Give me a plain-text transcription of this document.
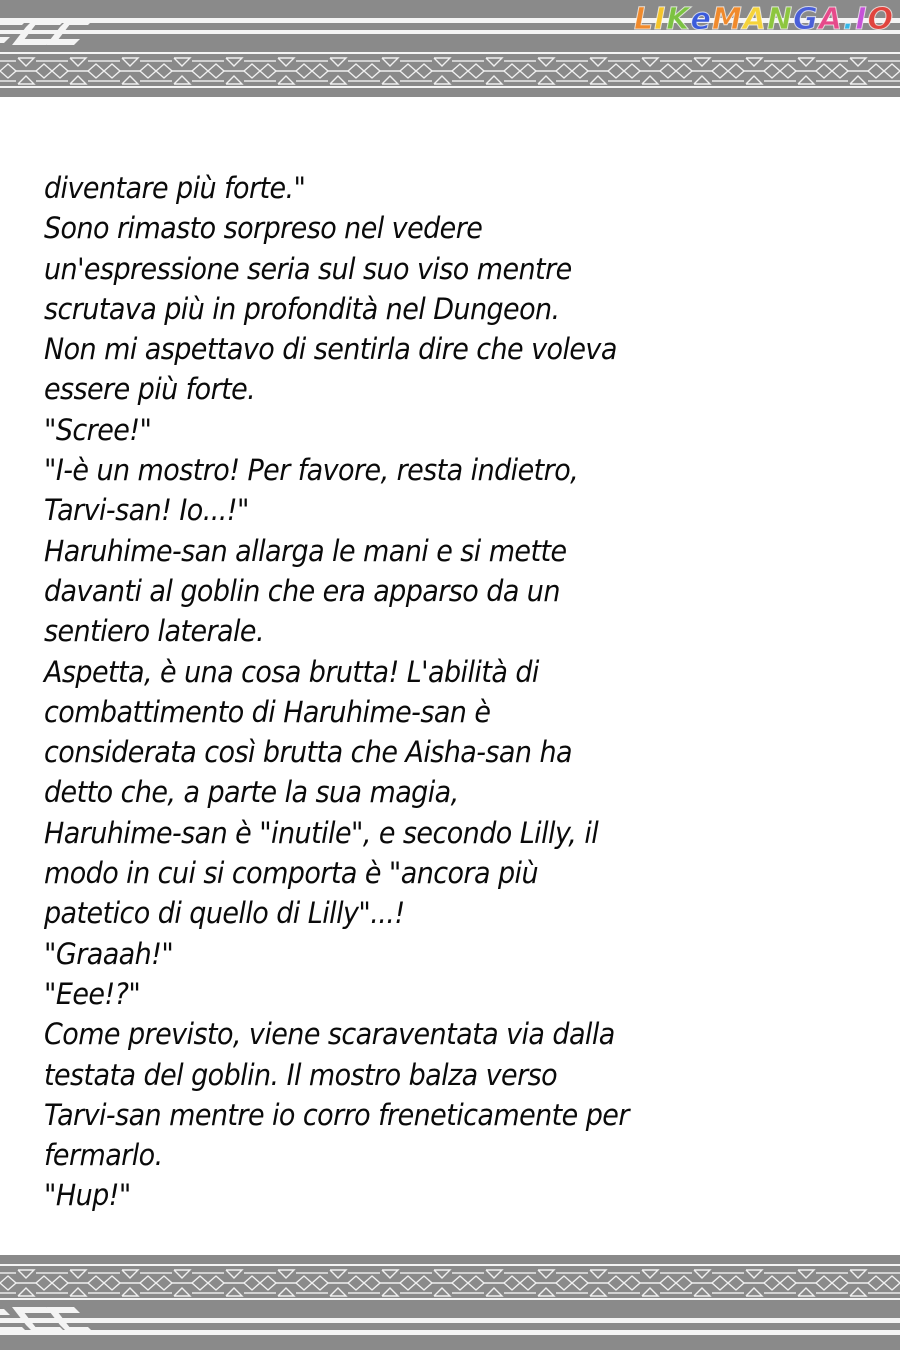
LIKeMANGA.IO
diventare più forte."
Sono rimasto sorpreso nel vedere
un'espressione seria sul suo viso mentre
scrutava più in profondità nel Dungeon.
Non mi aspettavo di sentirla dire che voleva
essere più forte.
"Scree!"
"I-è un mostro! Per favore, resta indietro,
Tarvi-san! Io...!"
Haruhime-san allarga le mani e si mette
davanti al goblin che era apparso da un
sentiero laterale.
Aspetta, è una cosa brutta! L'abilità di
combattimento di Haruhime-san è
considerata così brutta che Aisha-san ha
detto che, a parte la sua magia,
Haruhime-san è "inutile", e secondo Lilly, il
modo in cui si comporta è "ancora più
patetico di quello di Lilly"...!
"Graaah!"
"Eee!?"
Come previsto, viene scaraventata via dalla
testata del goblin. Il mostro balza verso
Tarvi-san mentre io corro freneticamente per
fermarlo.
"Hup!"
